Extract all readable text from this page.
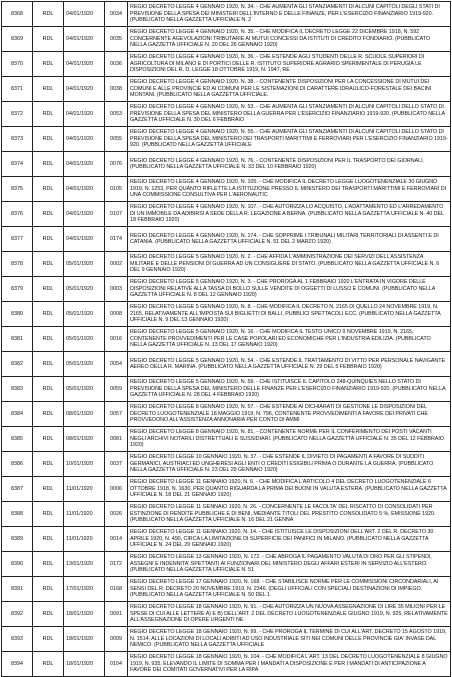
8368	RDL	04/01/1920	0034	REGIO DECRETO LEGGE 4 GENNAIO 1920, N. 34. - CHE AUMENTA GLI STANZIAMENTI DI ALCUNI CAPITOLI DEGLI STATI DI PREVISIONE DELLA SPESA DEI MINISTERI DELL'INTERNO E DELLE FINANZE, PER L'ESERCIZIO FINANZIARIO 1919-920. (PUBBLICATO NELLA GAZZETTA UFFICIALE N. 2
8369	RDL	04/01/1920	0035	REGIO DECRETO LEGGE 4 GENNAIO 1920, N. 35. - CHE MODIFICA IL DECRETO LEGGE 22 DICEMBRE 1918, N. 592 CONCERNENTE AGEVOLAZIONI TRIBUTARIE AI MUTUI CONCESSI DA ISTITUTI DI CREDITO FONDIARIO. (PUBBLICATO NELLA GAZZETTA UFFICIALE N. 20 DEL 26 GENNAIO 1920)
8370	RDL	04/01/1920	0036	REGIO DECRETO LEGGE 4 GENNAIO 1920, N. 36. - CHE ESTENDE AGLI STUDENTI DELLE R. SCUOLE SUPERIORI DI AGRICOLTURA DI MILANO E DI PORTICI DELLE R. ISTITUTO SUPERIORE AGRARIO SPERIMENTALE DI PERUGIA LE DISPOSIZIONI DEL R. D. LEGGE 18 OTTOBRE 1919, N. 1947, RE
8371	RDL	04/01/1920	0038	REGIO DECRETO LEGGE 4 GENNAIO 1920, N. 38. - CONTENENTE DISPOSIZIONI PER LA CONCESSIONE DI MUTUI DEI COMUNI E ALLE PROVINCIE ED AI COMUNI PER LE SISTEMAZIONI DI CARATTERE IDRAULICO-FORESTALE DEI BACINI MONTANI. (PUBBLICATO NELLA GAZZETTA UFFICIALE.
8372	RDL	04/01/1920	0053	REGIO DECRETO LEGGE 4 GENNAIO 1920, N. 53. - CHE AUMENTA GLI STANZIAMENTI DI ALCUNI CAPITOLI DELLO STATO DI PREVISIONE DELLA SPESA DEL MINISTERO DELLA GUERRA PER L'ESERCIZIO FINANZIARIO 1919-920. (PUBBLICATO NELLA GAZZETTA UFFICIALE N. 30 DEL 6 FEBBRAIO
8373	RDL	04/01/1920	0055	REGIO DECRETO LEGGE 4 GENNAIO 1920, N. 55. - CHE AUMENTA GLI STANZIAMENTI DI ALCUNI CAPITOLI DELLO STATO DI PREVISIONE DELLA SPESA DEL MINISTERO DEI TRASPORTI MARITTIMI E FERROVIARI PER L'ESERCIZIO FINANZIARIO 1919-920. (PUBBLICATO NELLA GAZZETTA UFFICIALE
8374	RDL	04/01/1920	0076	REGIO DECRETO LEGGE 4 GENNAIO 1920, N. 76. - CONTENENTE DISPOSIZIONI PER IL TRASPORTO DEI GIORNALI. (PUBBLICATO NELLA GAZZETTA UFFICIALE N. 33 DEL 10 FEBBRAIO 1920)
8375	RDL	04/01/1920	0105	REGIO DECRETO LEGGE 4 GENNAIO 1920, N. 105. - CHE MODIFICA IL DECRETO LEGGE LUOGOTENENZIALE 30 GIUGNO 1919, N. 1253, PER QUANTO RIFLETTE LA ISTITUZIONE PRESSO IL MINISTERO DEI TRASPORTI MARITTIMI E FERROVIARI DI UNA COMMISSIONE CONSULTIVA PER L'AERONAUTIC
8376	RDL	04/01/1920	0107	REGIO DECRETO LEGGE 4 GENNAIO 1920, N. 107. - CHE AUTORIZZA LO ACQUISTO, L'ADATTAMENTO ED L'ARREDAMENTO DI UN IMMOBILE DA ADIBIRSI A SEDE DELLA R. LEGAZIONE A BERNA. (PUBBLICATO NELLA GAZZETTA UFFICIALE N. 40 DEL 18 FEBBRAIO 1920)
8377	RDL	04/01/1920	0174	REGIO DECRETO LEGGE 4 GENNAIO 1920, N. 174. - CHE SOPPRIME I TRIBUNALI MILITARI TERRITORIALI DI ASSENTI E DI CATANIA. (PUBBLICATO NELLA GAZZETTA UFFICIALE N. 51 DEL 2 MARZO 1920)
8378	RDL	05/01/1920	0002	REGIO DECRETO LEGGE 5 GENNAIO 1920, N. 2. - CHE AFFIDA L'AMMINISTRAZIONE DEI SERVIZI DELL'ASSISTENZA MILITARE E DELLE PENSIONI DI GUERRA AD UN CONSIGLIERE DI STATO. (PUBBLICATO NELLA GAZZETTA UFFICIALE N. 6 DEL 9 GENNAIO 1920)
8379	RDL	05/01/1920	0003	REGIO DECRETO LEGGE 5 GENNAIO 1920, N. 3. - CHE PROROGA AL 1 FEBBRAIO 1920 L'ENTRATA IN VIGORE DELLE DISPOSIZIONI RELATIVE ALLA TASSA DI BOLLO SULLE VENDITE DI OGGETTI DI LUSSO E COMUNI. (PUBBLICATO NELLA GAZZETTA UFFICIALE N. 8 DEL 12 GENNAIO 1920)
8380	RDL	05/01/1920	0008	REGIO DECRETO LEGGE 5 GENNAIO 1920, N. 8. - CHE MODIFICA IL DECRETO N. 2165 DI QUELLO 24 NOVEMBRE 1919, N. 2165, RELATIVAMENTE ALL'IMPOSTA SUI BIGLIETTI DI BALLI, PUBBLICI SPETTACOLI ECC. (PUBBLICATO NELLA GAZZETTA UFFICIALE N. 9 DEL 13 GENNAIO 1920)
8381	RDL	05/01/1920	0016	REGIO DECRETO LEGGE 5 GENNAIO 1920, N. 16. - CHE MODIFICA IL TESTO UNICO 9 NOVEMBRE 1919, N. 2165, CONTENENTE PROVVEDIMENTI PER LE CASE POPOLARI ED ECONOMICHE PER L'INDUSTRIA EDILIZIA. (PUBBLICATO NELLA GAZZETTA UFFICIALE N. 13 DEL 17 GENNAIO 1920)
8382	RDL	05/01/1920	0054	REGIO DECRETO LEGGE 5 GENNAIO 1920, N. 54. - CHE ESTENDE IL TRATTAMENTO DI VITTO PER PERSONALE NAVIGANTE AEREO DELLA R. MARINA. (PUBBLICATO NELLA GAZZETTA UFFICIALE N. 29 DEL 5 FEBBRAIO 1920)
8383	RDL	05/01/1920	0059	REGIO DECRETO LEGGE 5 GENNAIO 1920, N. 59. - CHE ISTITUISCE IL CAPITOLO 248-QUINQUIES NELLO STATO DI PREVISIONE DELLA SPESA DEL MINISTERO DELLE FINANZE PER L'ESERCIZIO FINANZIARIO 1919-920. (PUBBLICATO NELLA GAZZETTA UFFICIALE N. 28 DEL 4 FEBBRAIO 1920)
8384	RDL	08/01/1920	0057	REGIO DECRETO LEGGE 8 GENNAIO 1920, N. 57. - CHE ESTENDE AI DICHIARATI DI GESTIONE LE DISPOSIZIONI DEL DECRETO LUOGOTENENZIALE 18 MAGGIO 1919, N. 796, CONTENENTE PROVVEDIMENTI A FAVORE DEI PRIVATI CHE PROVVEDONO ALL'ASSISTENZA ANNONARIA PER CONTO DI AMMI
8385	RDL	08/01/1920	0081	REGIO DECRETO LEGGE 8 GENNAIO 1920, N. 81. - CONTENENTE NORME PER IL CONFERIMENTO DEI POSTI VACANTI NEGLI ARCHIVI NOTARILI DISTRETTUALI E SUSSIDIARI. (PUBBLICATO NELLA GAZZETTA UFFICIALE N. 35 DEL 12 FEBBRAIO 1920)
8386	RDL	10/01/1920	0037	REGIO DECRETO LEGGE 10 GENNAIO 1920, N. 37. - CHE ESTENDE IL DIVIETO DI PAGAMENTI A FAVORE DI SUDDITI GERMANICI, AUSTRIACI ED UNGHERESI AGLI ENTI O CREDITI ESIGIBILI PRIMA O DURANTE LA GUERRA. (PUBBLICATO NELLA GAZZETTA UFFICIALE N. 23 DEL 29 GENNAIO 1920)
8387	RDL	11/01/1920	0006	REGIO DECRETO LEGGE 11 GENNAIO 1920, N. 6. - CHE MODIFICA L'ARTICOLO 4 DEL DECRETO LUOGOTENENZIALE 6 OTTOBRE 1918, N. 1630, PER QUANTO RIGUARDA LA PRIMA DEI BUONI IN VALUTA ESTERA. (PUBBLICATO NELLA GAZZETTA UFFICIALE N. 18 DEL 21 GENNAIO 1920)
8388	RDL	11/01/1920	0026	REGIO DECRETO LEGGE 11 GENNAIO 1920, N. 26. - CONCERNENTE LE FACOLTA' DEL RISCATTO DI CONSOLIDATI PER ESTINZIONE DI RENDITE PUBBLICHE E DI BENI, MEDIANTE TITOLI DEL PRESTITO CONSOLIDATO 5 %, EMISSIONE 1920. (PUBBLICATO NELLA GAZZETTA UFFICIALE N. 16 DEL 21 GENNA
8389	RDL	11/01/1920	0014	REGIO DECRETO LEGGE 11 GENNAIO 1920, N. 14. - CHE ISTITUISCE LE DISPOSIZIONI DELL'ART. 2 DEL R. DECRETO 30 APRILE 1920, N. 490, CIRCA LA LIMITAZIONE DI SUPERFICIE DEI PANIFICI IN MILANO. (PUBBLICATO NELLA GAZZETTA UFFICIALE N. 24 DEL 29 GENNAIO 1920)
8390	RDL	13/01/1920	0172	REGIO DECRETO LEGGE 13 GENNAIO 1920, N. 172. - CHE ABROGA IL PAGAMENTO VALUTA DI ORO PER GLI STIPENDI, ASSEGNI E INDENNITA' SPETTANTI AI FUNZIONARI DEL MINISTERO DEGLI AFFARI ESTERI IN SERVIZIO ALL'ESTERO. (PUBBLICATO NELLA GAZZETTA UFFICIALE N. 51
8391	RDL	17/01/1920	0168	REGIO DECRETO LEGGE 17 GENNAIO 1920, N. 168. - CHE STABILISCE NORME PER LE COMMISSIONI CIRCONDARIALI, AI SENSI DEL R. DECRETO 20 NOVEMBRE 1919, N. 2346. (DEGLI UFFICIALI CON SPECIALI DESTINAZIONI DI IMPIEGO. (PUBBLICATO NELLA GAZZETTA UFFICIALE N. 50 DEL 1
8392	RDL	18/01/1920	0091	REGIO DECRETO LEGGE 18 GENNAIO 1920, N. 91. - CHE AUTORIZZA UN NUOVA ASSEGNAZIONE DI LIRE 35 MILIONI PER LE SPESE DI CUI ALLE LETTERE A) E B) DELL'ART. 2 DEL DECRETO LUOGOTENENZIALE GIUGNO 1919, N. 925, RELATIVAMENTE ALL'ASSEGNAZIONE DI OPERE URGENTI NE
8393	RDL	18/01/1920	0099	REGIO DECRETO LEGGE 18 GENNAIO 1920, N. 99. - CHE PROROGA IL TERMINE DI CUI ALL'ART. DECRETO 15 AGOSTO 1919, N. 1514, ALLE LOCAZIONI DI LOCALI ADIBITI AD USO INDUSTRIALE SITI NEI COMUNI DELLE PROVINCIE GIA' INVASE DAL NEMICO. (PUBBLICATO NELLA GAZZETTA UFFICIALE
8394	RDL	18/01/1920	0104	REGIO DECRETO LEGGE 18 GENNAIO 1920, N. 104. - CHE MODIFICA L'ART. 13 DEL DECRETO LUOGOTENENZIALE 8 GIUGNO 1919, N. 935, ELEVANDO IL LIMITE DI SOMMA PER I MANDATI A DISPOSIZIONE E PER I MANDATI DI ANTICIPAZIONE A FAVORE DEI COMITATI GOVERNATIVI PER LA RIPA
